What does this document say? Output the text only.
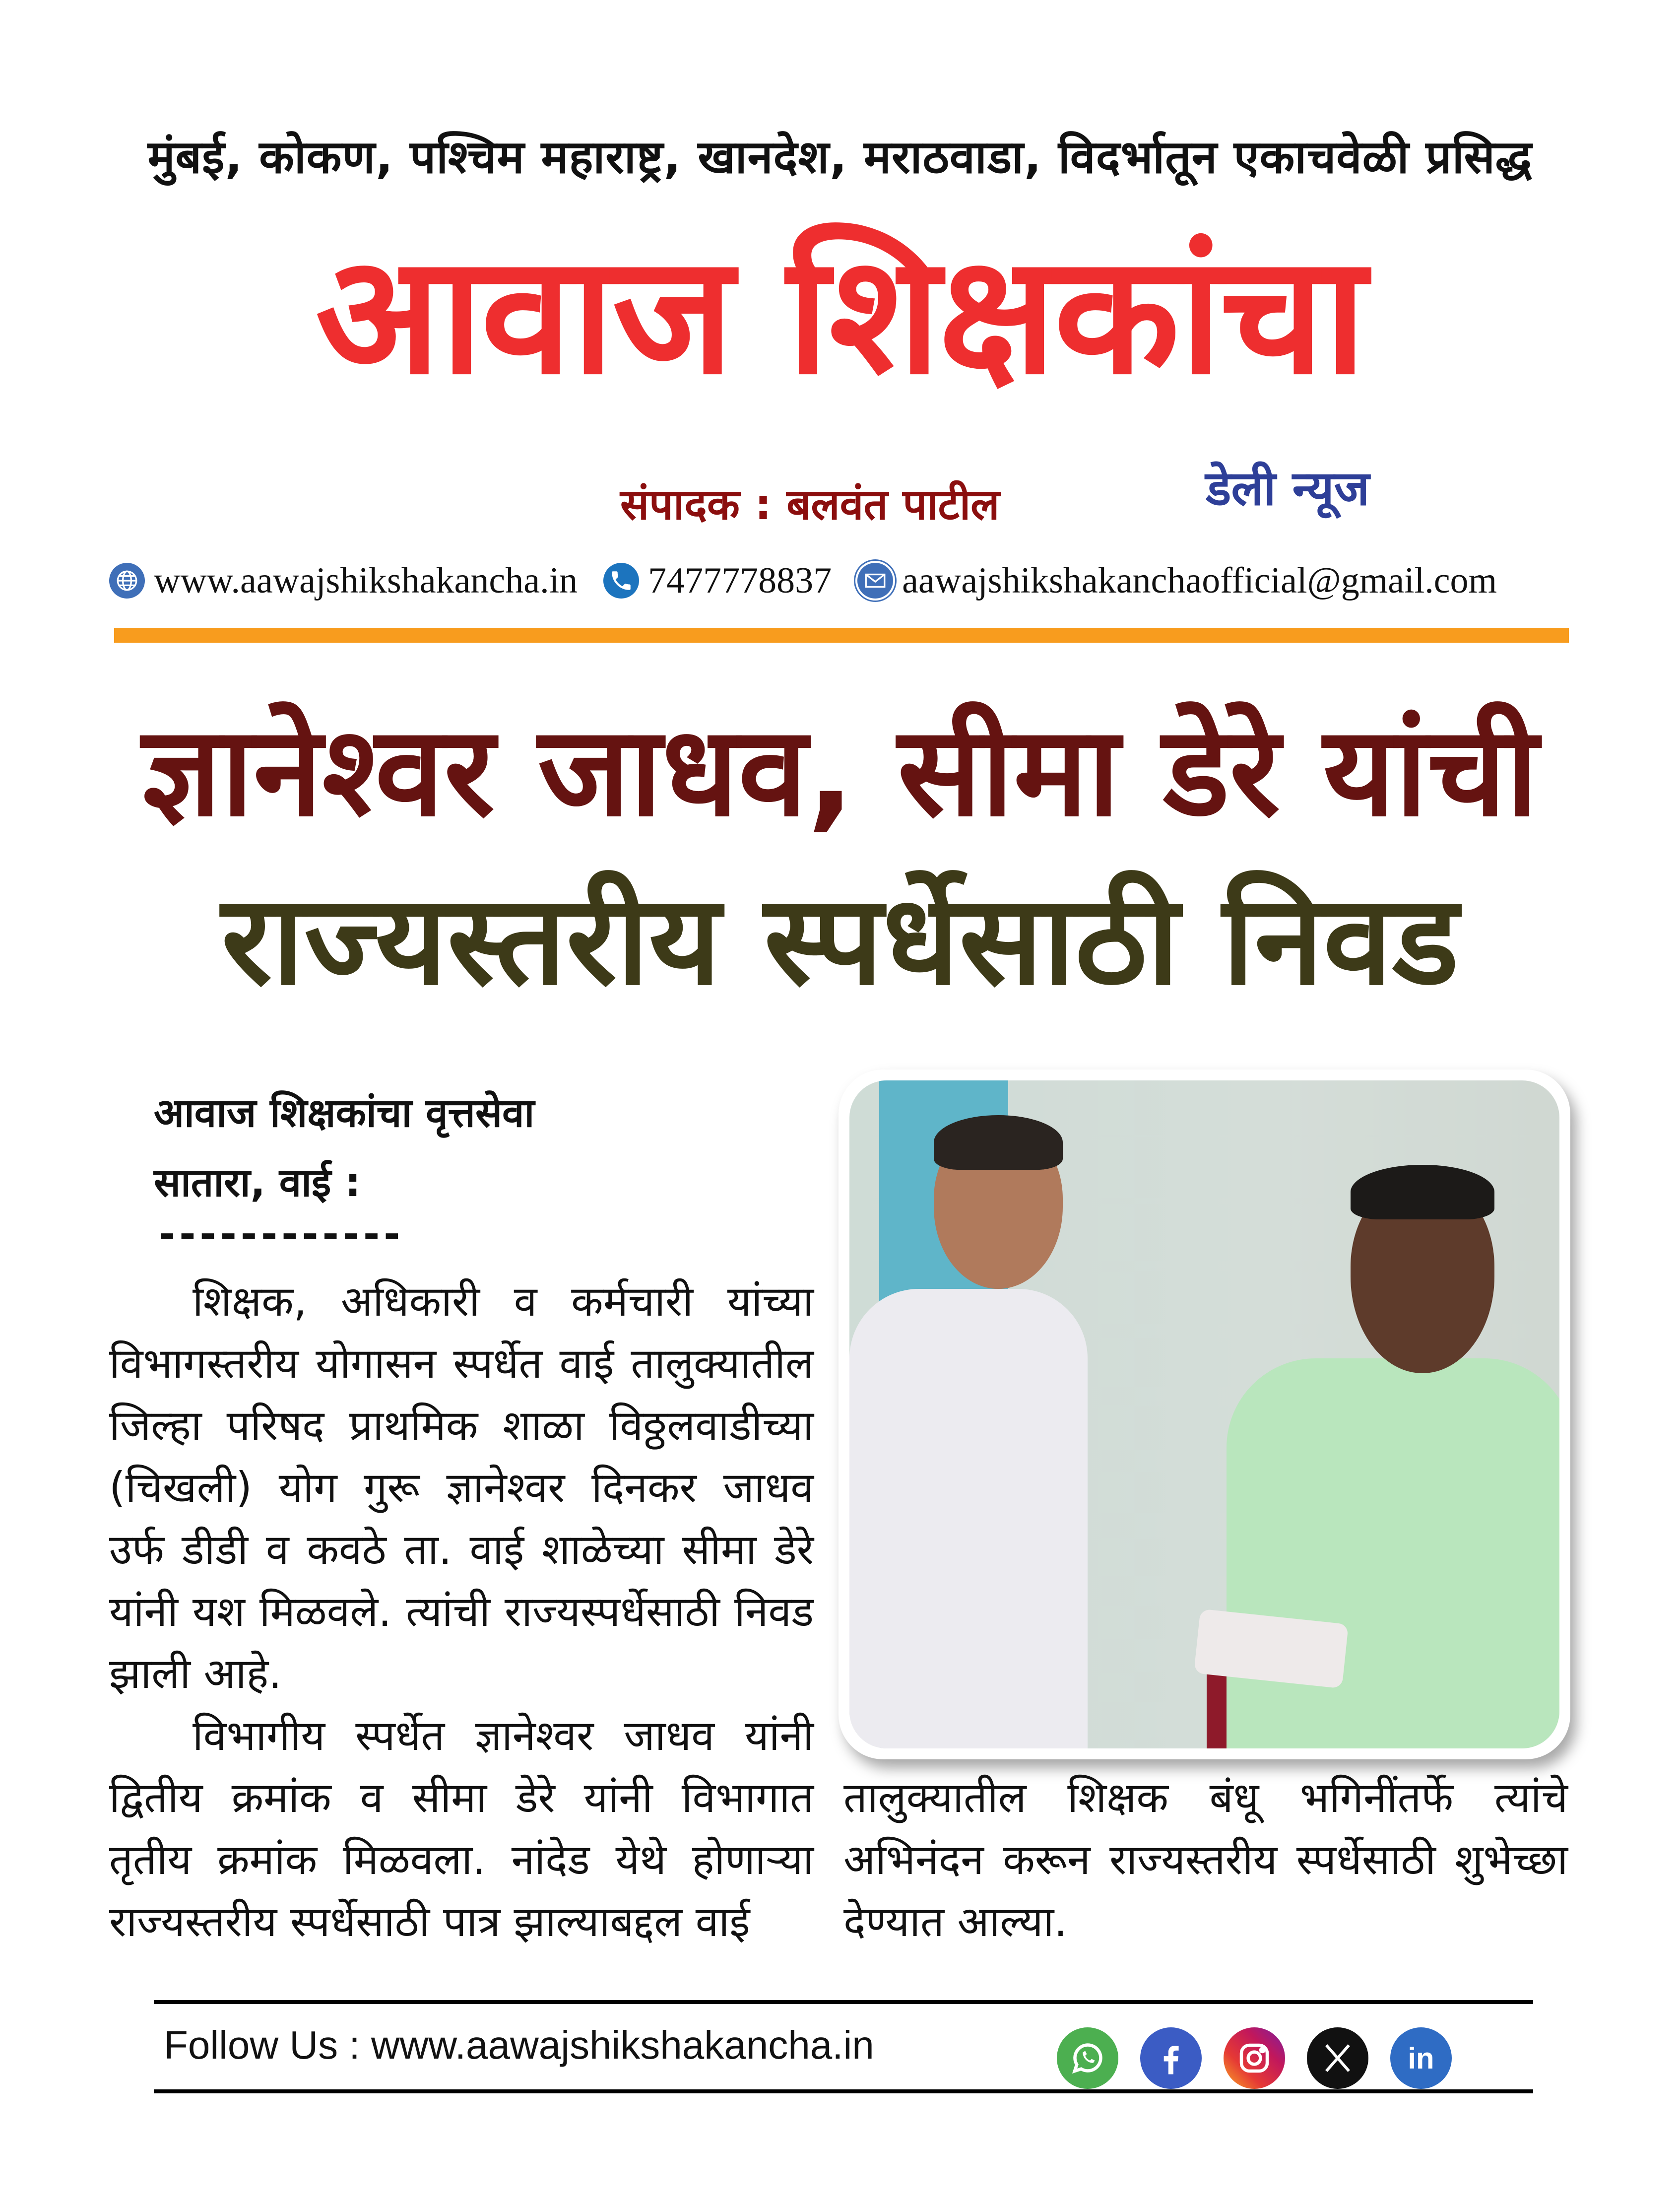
मुंबई, कोकण, पश्चिम महाराष्ट्र, खानदेश, मराठवाडा, विदर्भातून एकाचवेळी प्रसिद्ध
आवाज शिक्षकांचा
संपादक : बलवंत पाटील	डेली न्यूज
www.aawajshikshakancha.in 7477778837 aawajshikshakanchaofficial@gmail.com
ज्ञानेश्वर जाधव, सीमा डेरे यांची
राज्यस्तरीय स्पर्धेसाठी निवड
आवाज शिक्षकांचा वृत्तसेवा
सातारा, वाई :
------------

शिक्षक, अधिकारी व कर्मचारी यांच्या विभागस्तरीय योगासन स्पर्धेत वाई तालुक्यातील जिल्हा परिषद प्राथमिक शाळा विठ्ठलवाडीच्या (चिखली) योग गुरू ज्ञानेश्वर दिनकर जाधव उर्फ डीडी व कवठे ता. वाई शाळेच्या सीमा डेरे यांनी यश मिळवले. त्यांची राज्यस्पर्धेसाठी निवड झाली आहे.

विभागीय स्पर्धेत ज्ञानेश्वर जाधव यांनी द्वितीय क्रमांक व सीमा डेरे यांनी विभागात तृतीय क्रमांक मिळवला. नांदेड येथे होणाऱ्या राज्यस्तरीय स्पर्धेसाठी पात्र झाल्याबद्दल वाई

तालुक्यातील शिक्षक बंधू भगिनींतर्फे त्यांचे अभिनंदन करून राज्यस्तरीय स्पर्धेसाठी शुभेच्छा देण्यात आल्या.

Follow Us : www.aawajshikshakancha.in	in
